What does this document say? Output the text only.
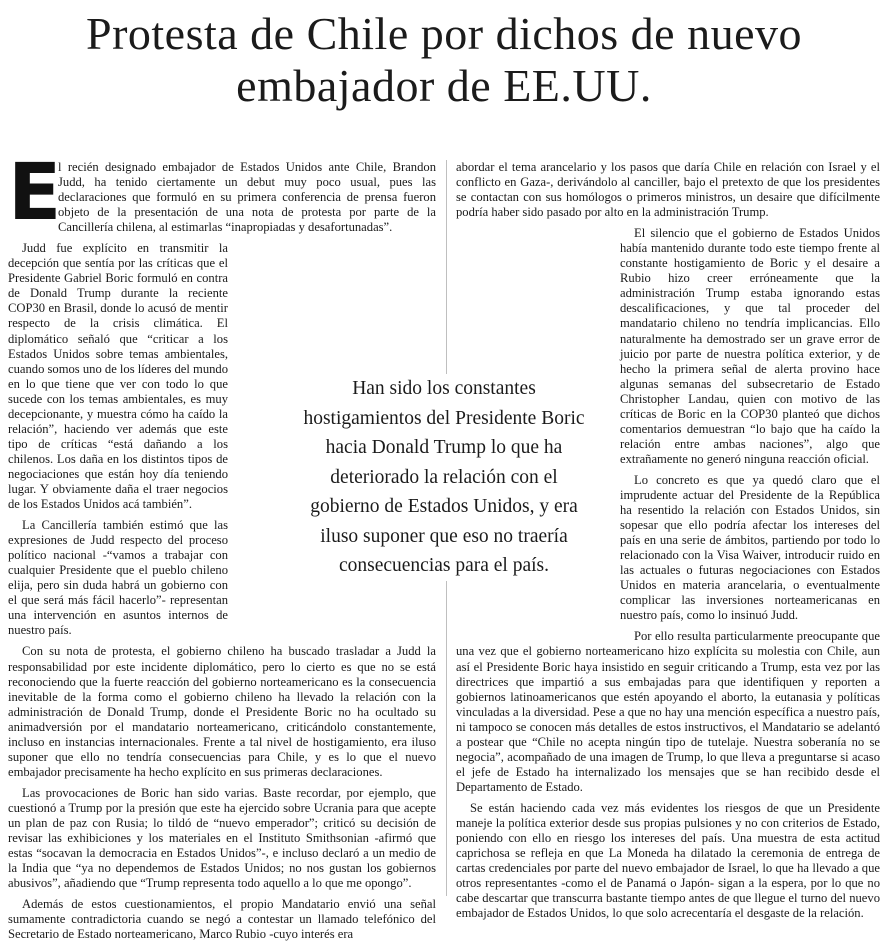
Protesta de Chile por dichos de nuevo embajador de EE.UU.

E
l recién designado embajador de Estados Unidos ante Chile, Brandon Judd, ha tenido ciertamente un debut muy poco usual, pues las declaraciones que formuló en su primera conferencia de prensa fueron objeto de la presentación de una nota de protesta por parte de la Cancillería chilena, al estimarlas “inapropiadas y desafortunadas”.

Judd fue explícito en transmitir la decepción que sentía por las críticas que el Presidente Gabriel Boric formuló en contra de Donald Trump durante la reciente COP30 en Brasil, donde lo acusó de mentir respecto de la crisis climática. El diplomático señaló que “criticar a los Estados Unidos sobre temas ambientales, cuando somos uno de los líderes del mundo en lo que tiene que ver con todo lo que sucede con los temas ambientales, es muy decepcionante, y muestra cómo ha caído la relación”, haciendo ver además que este tipo de críticas “está dañando a los chilenos. Los daña en los distintos tipos de negociaciones que están hoy día teniendo lugar. Y obviamente daña el traer negocios de los Estados Unidos acá también”.

La Cancillería también estimó que las expresiones de Judd respecto del proceso político nacional -“vamos a trabajar con cualquier Presidente que el pueblo chileno elija, pero sin duda habrá un gobierno con el que será más fácil hacerlo”- representan una intervención en asuntos internos de nuestro país.

Con su nota de protesta, el gobierno chileno ha buscado trasladar a Judd la responsabilidad por este incidente diplomático, pero lo cierto es que no se está reconociendo que la fuerte reacción del gobierno norteamericano es la consecuencia inevitable de la forma como el gobierno chileno ha llevado la relación con la administración de Donald Trump, donde el Presidente Boric no ha ocultado su animadversión por el mandatario norteamericano, criticándolo constantemente, incluso en instancias internacionales. Frente a tal nivel de hostigamiento, era iluso suponer que ello no tendría consecuencias para Chile, y es lo que el nuevo embajador precisamente ha hecho explícito en sus primeras declaraciones.

Las provocaciones de Boric han sido varias. Baste recordar, por ejemplo, que cuestionó a Trump por la presión que este ha ejercido sobre Ucrania para que acepte un plan de paz con Rusia; lo tildó de “nuevo emperador”; criticó su decisión de revisar las exhibiciones y los materiales en el Instituto Smithsonian -afirmó que estas “socavan la democracia en Estados Unidos”-, e incluso declaró a un medio de la India que “ya no dependemos de Estados Unidos; no nos gustan los gobiernos abusivos”, añadiendo que “Trump representa todo aquello a lo que me opongo”.

Además de estos cuestionamientos, el propio Mandatario envió una señal sumamente contradictoria cuando se negó a contestar un llamado telefónico del Secretario de Estado norteamericano, Marco Rubio -cuyo interés era

abordar el tema arancelario y los pasos que daría Chile en relación con Israel y el conflicto en Gaza-, derivándolo al canciller, bajo el pretexto de que los presidentes se contactan con sus homólogos o primeros ministros, un desaire que difícilmente podría haber sido pasado por alto en la administración Trump.

El silencio que el gobierno de Estados Unidos había mantenido durante todo este tiempo frente al constante hostigamiento de Boric y el desaire a Rubio hizo creer erróneamente que la administración Trump estaba ignorando estas descalificaciones, y que tal proceder del mandatario chileno no tendría implicancias. Ello naturalmente ha demostrado ser un grave error de juicio por parte de nuestra política exterior, y de hecho la primera señal de alerta provino hace algunas semanas del subsecretario de Estado Christopher Landau, quien con motivo de las críticas de Boric en la COP30 planteó que dichos comentarios demuestran “lo bajo que ha caído la relación entre ambas naciones”, algo que extrañamente no generó ninguna reacción oficial.

Lo concreto es que ya quedó claro que el imprudente actuar del Presidente de la República ha resentido la relación con Estados Unidos, sin sopesar que ello podría afectar los intereses del país en una serie de ámbitos, partiendo por todo lo relacionado con la Visa Waiver, introducir ruido en las actuales o futuras negociaciones con Estados Unidos en materia arancelaria, o eventualmente complicar las inversiones norteamericanas en nuestro país, como lo insinuó Judd.

Por ello resulta particularmente preocupante que una vez que el gobierno norteamericano hizo explícita su molestia con Chile, aun así el Presidente Boric haya insistido en seguir criticando a Trump, esta vez por las directrices que impartió a sus embajadas para que identifiquen y reporten a gobiernos latinoamericanos que estén apoyando el aborto, la eutanasia y políticas vinculadas a la diversidad. Pese a que no hay una mención específica a nuestro país, ni tampoco se conocen más detalles de estos instructivos, el Mandatario se adelantó a postear que “Chile no acepta ningún tipo de tutelaje. Nuestra soberanía no se negocia”, acompañado de una imagen de Trump, lo que lleva a preguntarse si acaso el jefe de Estado ha internalizado los mensajes que se han recibido desde el Departamento de Estado.

Se están haciendo cada vez más evidentes los riesgos de que un Presidente maneje la política exterior desde sus propias pulsiones y no con criterios de Estado, poniendo con ello en riesgo los intereses del país. Una muestra de esta actitud caprichosa se refleja en que La Moneda ha dilatado la ceremonia de entrega de cartas credenciales por parte del nuevo embajador de Israel, lo que ha llevado a que otros representantes -como el de Panamá o Japón- sigan a la espera, por lo que no cabe descartar que transcurra bastante tiempo antes de que llegue el turno del nuevo embajador de Estados Unidos, lo que solo acrecentaría el desgaste de la relación.

Han sido los constantes hostigamientos del Presidente Boric hacia Donald Trump lo que ha deteriorado la relación con el gobierno de Estados Unidos, y era iluso suponer que eso no traería consecuencias para el país.
